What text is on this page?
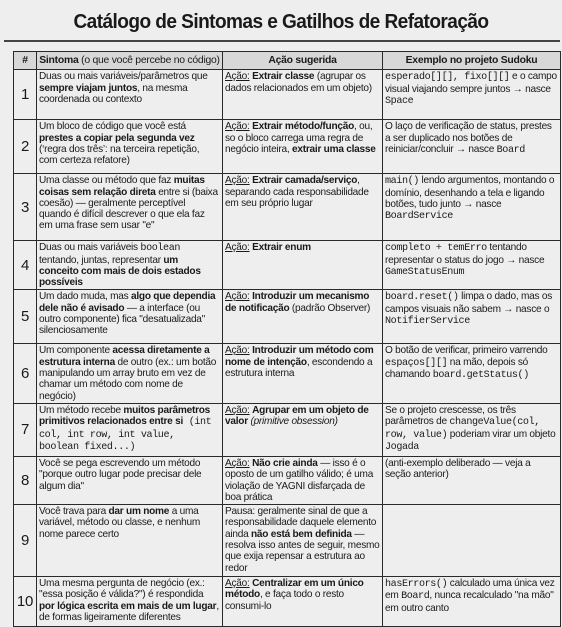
Catálogo de Sintomas e Gatilhos de Refatoração
#	Sintoma (o que você percebe no código)	Ação sugerida	Exemplo no projeto Sudoku
1	Duas ou mais variáveis/parâmetros que sempre viajam juntos, na mesma coordenada ou contexto	Ação: Extrair classe (agrupar os dados relacionados em um objeto)	esperado[][], fixo[][] e o campo visual viajando sempre juntos → nasce Space
2	Um bloco de código que você está prestes a copiar pela segunda vez (‘regra dos três’: na terceira repetição, com certeza refatore)	Ação: Extrair método/função, ou, so o bloco carrega uma regra de negócio inteira, extrair uma classe	O laço de verificação de status, prestes a ser duplicado nos botões de reiniciar/concluir → nasce Board
3	Uma classe ou método que faz muitas coisas sem relação direta entre si (baixa coesão) — geralmente perceptível quando é difícil descrever o que ela faz em uma frase sem usar "e"	Ação: Extrair camada/serviço, separando cada responsabilidade em seu próprio lugar	main() lendo argumentos, montando o domínio, desenhando a tela e ligando botões, tudo junto → nasce BoardService
4	Duas ou mais variáveis boolean tentando, juntas, representar um conceito com mais de dois estados possíveis	Ação: Extrair enum	completo + temErro tentando representar o status do jogo → nasce GameStatusEnum
5	Um dado muda, mas algo que dependia dele não é avisado — a interface (ou outro componente) fica "desatualizada" silenciosamente	Ação: Introduzir um mecanismo de notificação (padrão Observer)	board.reset() limpa o dado, mas os campos visuais não sabem → nasce o NotifierService
6	Um componente acessa diretamente a estrutura interna de outro (ex.: um botão manipulando um array bruto em vez de chamar um método com nome de negócio)	Ação: Introduzir um método com nome de intenção, escondendo a estrutura interna	O botão de verificar, primeiro varrendo espaços[][] na mão, depois só chamando board.getStatus()
7	Um método recebe muitos parâmetros primitivos relacionados entre si (int col, int row, int value, boolean fixed...)	Ação: Agrupar em um objeto de valor (primitive obsession)	Se o projeto crescesse, os três parâmetros de changeValue(col, row, value) poderiam virar um objeto Jogada
8	Você se pega escrevendo um método "porque outro lugar pode precisar dele algum dia"	Ação: Não crie ainda — isso é o oposto de um gatilho válido; é uma violação de YAGNI disfarçada de boa prática	(anti-exemplo deliberado — veja a seção anterior)
9	Você trava para dar um nome a uma variável, método ou classe, e nenhum nome parece certo	Pausa: geralmente sinal de que a responsabilidade daquele elemento ainda não está bem definida — resolva isso antes de seguir, mesmo que exija repensar a estrutura ao redor	
10	Uma mesma pergunta de negócio (ex.: "essa posição é válida?") é respondida por lógica escrita em mais de um lugar, de formas ligeiramente diferentes	Ação: Centralizar em um único método, e faça todo o resto consumi-lo	hasErrors() calculado uma única vez em Board, nunca recalculado "na mão" em outro canto
